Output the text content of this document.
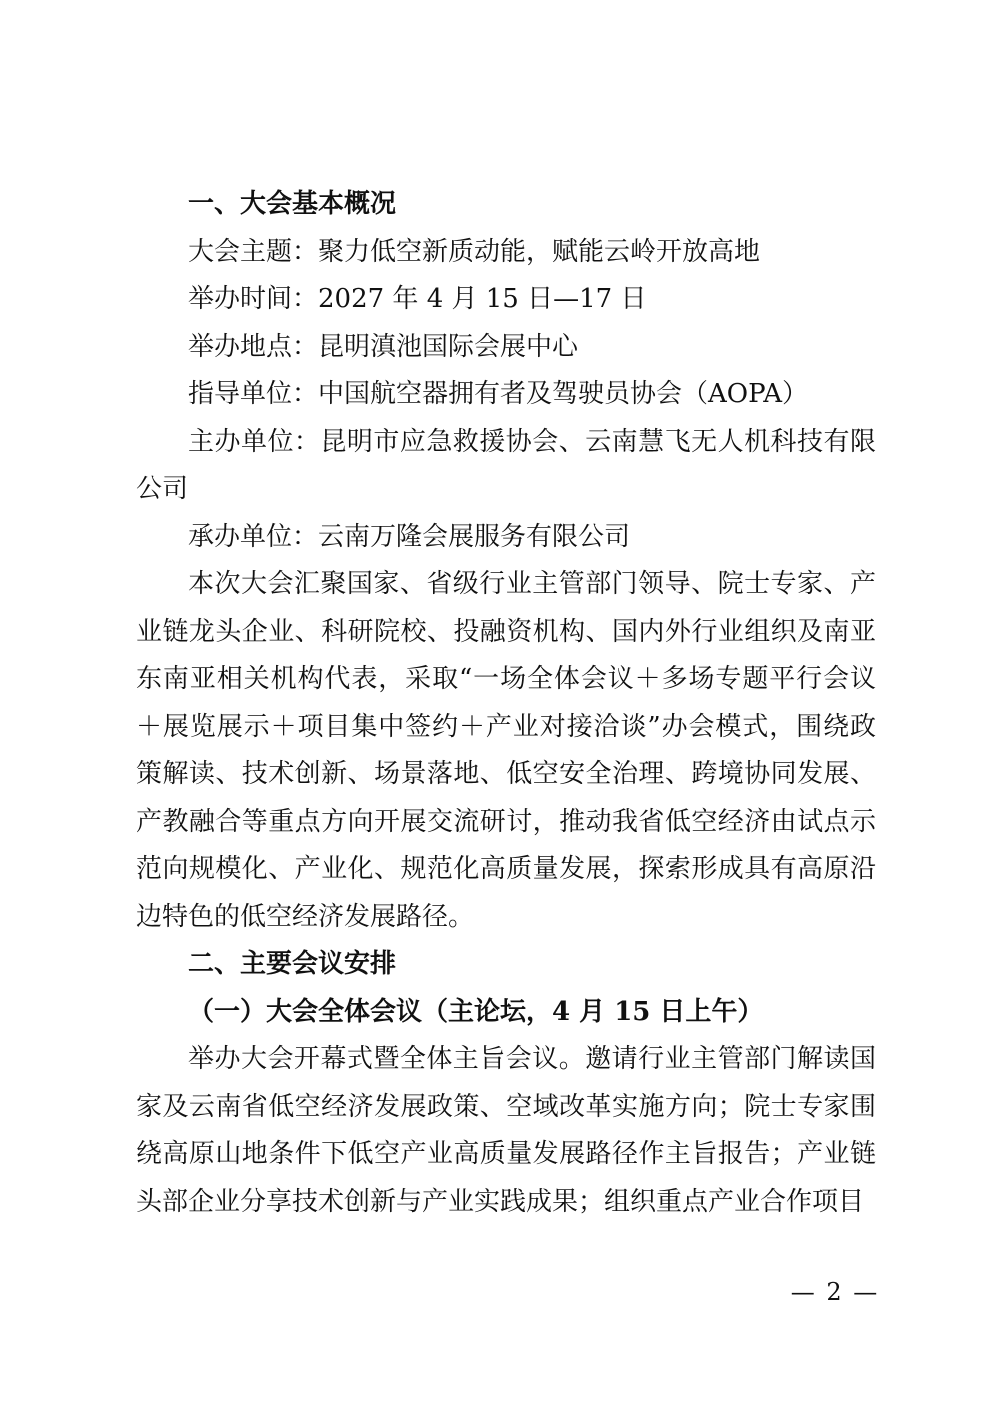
一、大会基本概况

大会主题：聚力低空新质动能，赋能云岭开放高地

举办时间：2027 年 4 月 15 日—17 日

举办地点：昆明滇池国际会展中心

指导单位：中国航空器拥有者及驾驶员协会（AOPA）

主办单位：昆明市应急救援协会、云南慧飞无人机科技有限公司

承办单位：云南万隆会展服务有限公司

本次大会汇聚国家、省级行业主管部门领导、院士专家、产业链龙头企业、科研院校、投融资机构、国内外行业组织及南亚东南亚相关机构代表，采取“一场全体会议＋多场专题平行会议＋展览展示＋项目集中签约＋产业对接洽谈”办会模式，围绕政策解读、技术创新、场景落地、低空安全治理、跨境协同发展、产教融合等重点方向开展交流研讨，推动我省低空经济由试点示范向规模化、产业化、规范化高质量发展，探索形成具有高原沿边特色的低空经济发展路径。

二、主要会议安排

（一）大会全体会议（主论坛，4 月 15 日上午）

举办大会开幕式暨全体主旨会议。邀请行业主管部门解读国家及云南省低空经济发展政策、空域改革实施方向；院士专家围绕高原山地条件下低空产业高质量发展路径作主旨报告；产业链头部企业分享技术创新与产业实践成果；组织重点产业合作项目

— 2 —
